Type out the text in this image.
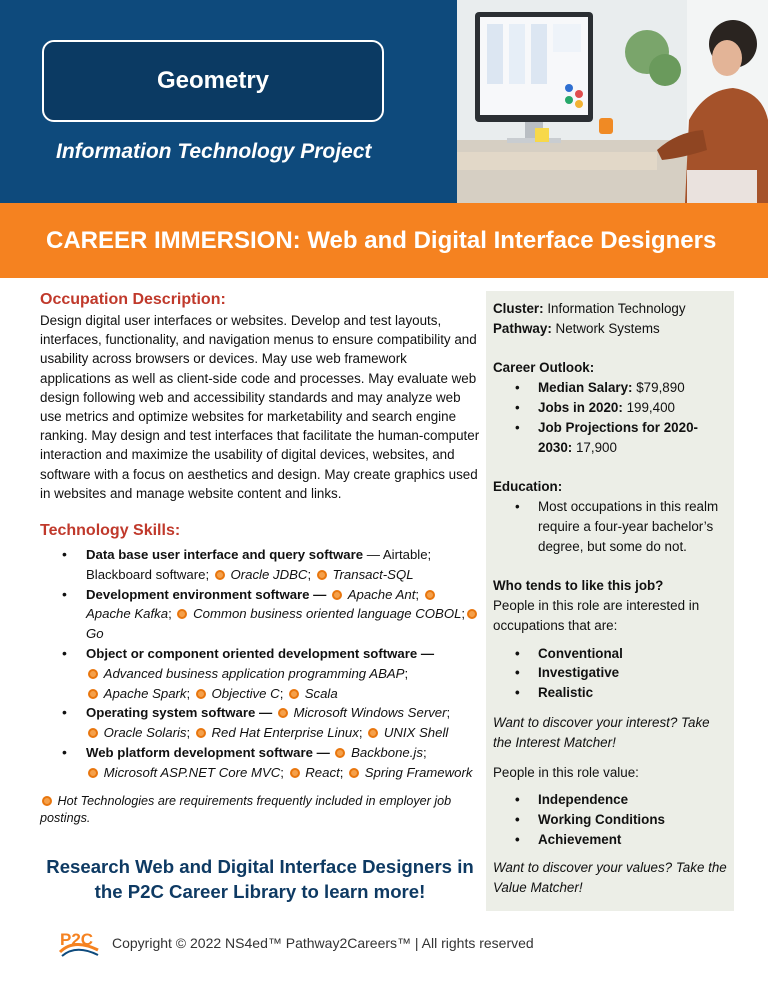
Geometry
Information Technology Project
CAREER IMMERSION: Web and Digital Interface Designers
Occupation Description:
Design digital user interfaces or websites. Develop and test layouts, interfaces, functionality, and navigation menus to ensure compatibility and usability across browsers or devices. May use web framework applications as well as client-side code and processes. May evaluate web design following web and accessibility standards and may analyze web use metrics and optimize websites for marketability and search engine ranking. May design and test interfaces that facilitate the human-computer interaction and maximize the usability of digital devices, websites, and software with a focus on aesthetics and design. May create graphics used in websites and manage website content and links.
Technology Skills:
• Data base user interface and query software — Airtable; Blackboard software;  Oracle JDBC;  Transact-SQL
• Development environment software —  Apache Ant;  Apache Kafka;  Common business oriented language COBOL; Go
• Object or component oriented development software —
Advanced business application programming ABAP;
Apache Spark;  Objective C;  Scala
• Operating system software —  Microsoft Windows Server;
Oracle Solaris;  Red Hat Enterprise Linux;  UNIX Shell
• Web platform development software —  Backbone.js;
Microsoft ASP.NET Core MVC;  React;  Spring Framework
Hot Technologies are requirements frequently included in employer job postings.
Research Web and Digital Interface Designers in
the P2C Career Library to learn more!
P2C Copyright © 2022 NS4ed™ Pathway2Careers™ | All rights reserved

Cluster: Information Technology

Pathway: Network Systems

Career Outlook:

• Median Salary: $79,890
• Jobs in 2020: 199,400
• Job Projections for 2020-2030: 17,900

Education:

• Most occupations in this realm require a four-year bachelor’s degree, but some do not.

Who tends to like this job?

People in this role are interested in occupations that are:

• Conventional
• Investigative
• Realistic

Want to discover your interest? Take the Interest Matcher!

People in this role value:

• Independence
• Working Conditions
• Achievement

Want to discover your values? Take the Value Matcher!
